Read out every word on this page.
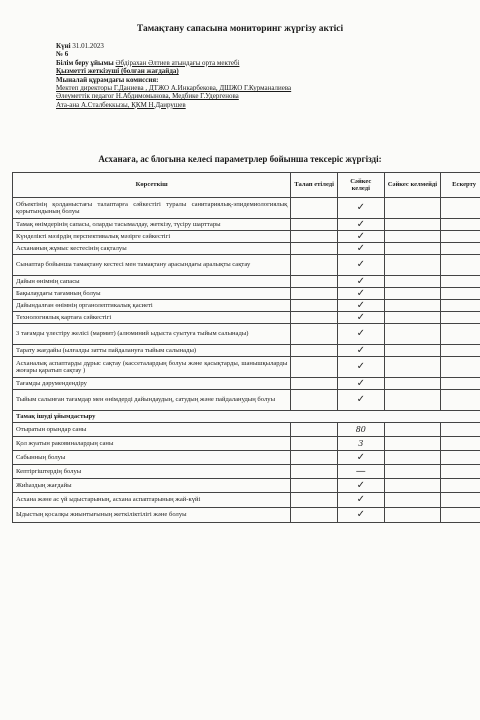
Тамақтану сапасына мониторинг жүргізу актісі
Күні 31.01.2023
№ 6
Білім беру ұйымы Әбдірахан Әлтиев атындағы орта мектебі
Қызметті жеткізуші (болған жағдайда)
Мыналай құрамдағы комиссия:
Мектеп директоры Г.Даниева , ДТЖО А.Инкарбекова, ДШЖО Г.Курманалиева
Әлеуметтік педагог Н.Абдимомынова, Медбике Г.Удергенова
Ата-ана А.Сталбеккызы, ҚКМ Н.Даирушев
Асханаға, ас блогына келесі параметрлер бойынша тексеріс жүргізді:
Көрсеткіш	Талап етіледі	Сәйкес келеді	Сәйкес келмейді	Ескерту
Объектінің қолданыстағы талаптарға сәйкестігі туралы санитариялық-эпидемиологиялық қорытындының болуы		✓		
Тамақ өнімдерінің сапасы, оларды тасымалдау, жеткізу, түсіру шарттары		✓		
Күнделікті мәзірдің перспективалық мәзірге сәйкестігі		✓		
Асхананың жұмыс кестесінің сақталуы		✓		
Сынаптар бойынша тамақтану кестесі мен тамақтану арасындағы аралықты сақтау		✓		
Дайын өнімнің сапасы		✓		
Бақылаудағы тағамның болуы		✓		
Дайындалған өнімнің органолептикалық қасиеті		✓		
Технологиялық картаға сәйкестігі		✓		
3 тағамды үлестіру желісі (мармит) (алюминий ыдыста суытуға тыйым салынады)		✓		
Тарату жағдайы (ылғалды затты пайдалануға тыйым салынады)		✓		
Асханалық аспаптарды дұрыс сақтау (кассеталардың болуы және қасықтарды, шанышқыларды жоғары қаратып сақтау )		✓		
Тағамды дәрумендендіру		✓		
Тыйым салынған тағамдар мен өнімдерді дайындаудың, сатудың және пайдаланудың болуы		✓		
Тамақ ішуді ұйымдастыру				
Отыратын орындар саны		80		
Қол жуатын раковиналардың саны		3		
Сабынның болуы		✓		
Кептіргіштердің болуы		—		
Жиһаздың жағдайы		✓		
Асхана және ас үй ыдыстарының, асхана аспаптарының жай-күйі		✓		
Ыдыстың қосалқы жиынтығының жеткіліктілігі және болуы		✓		
